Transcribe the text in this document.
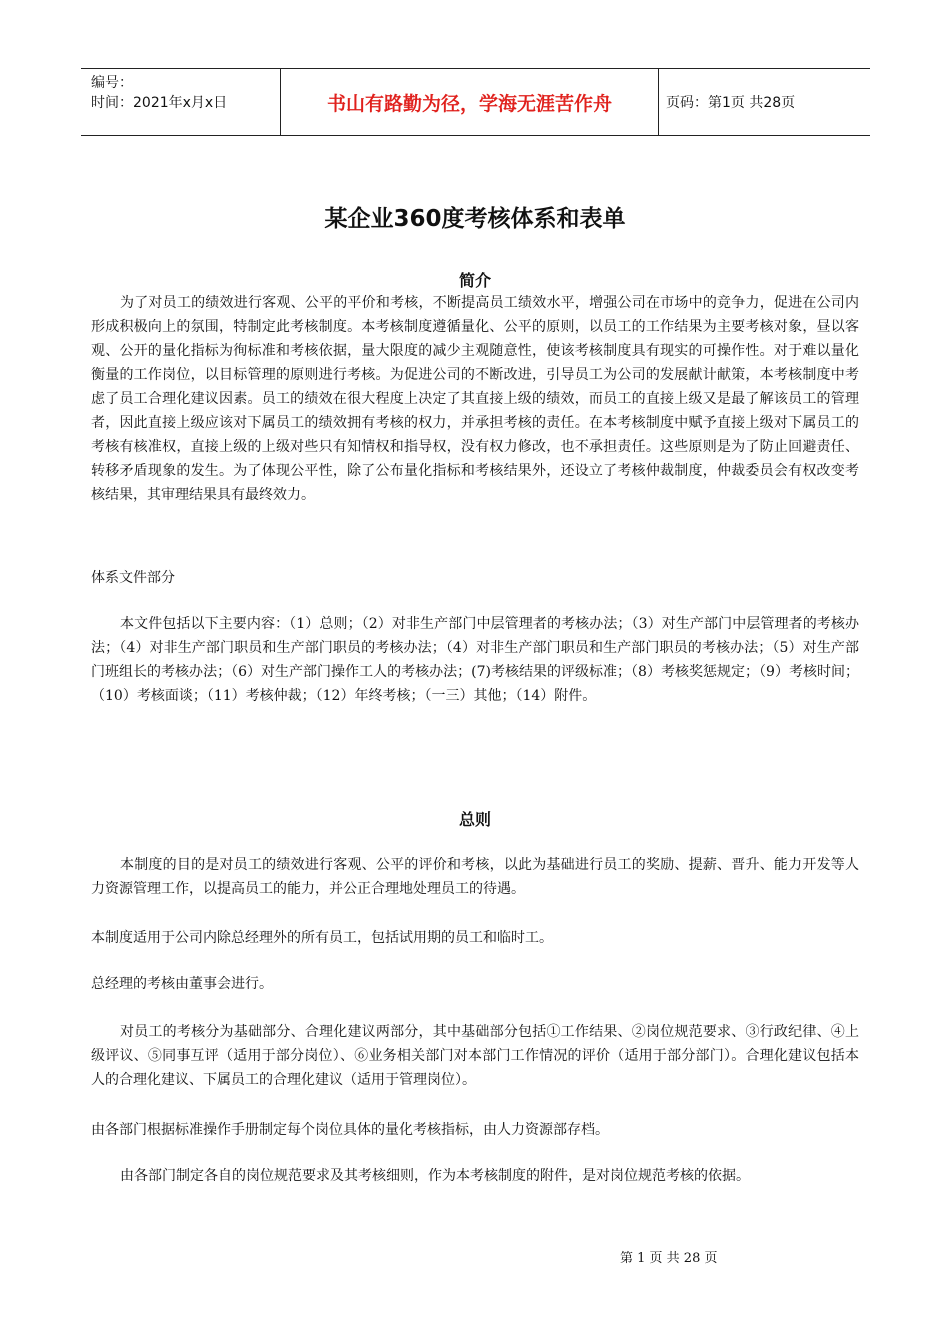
编号：
时间：2021年x月x日	书山有路勤为径，学海无涯苦作舟	页码：第1页 共28页
某企业360度考核体系和表单
简介

为了对员工的绩效进行客观、公平的平价和考核，不断提高员工绩效水平，增强公司在市场中的竞争力，促进在公司内形成积极向上的氛围，特制定此考核制度。本考核制度遵循量化、公平的原则，以员工的工作结果为主要考核对象，昼以客观、公开的量化指标为徇标准和考核依据，量大限度的减少主观随意性，使该考核制度具有现实的可操作性。对于难以量化衡量的工作岗位，以目标管理的原则进行考核。为促进公司的不断改进，引导员工为公司的发展献计献策，本考核制度中考虑了员工合理化建议因素。员工的绩效在很大程度上决定了其直接上级的绩效，而员工的直接上级又是最了解该员工的管理者，因此直接上级应该对下属员工的绩效拥有考核的权力，并承担考核的责任。在本考核制度中赋予直接上级对下属员工的考核有核准权，直接上级的上级对些只有知情权和指导权，没有权力修改，也不承担责任。这些原则是为了防止回避责任、转移矛盾现象的发生。为了体现公平性，除了公布量化指标和考核结果外，还设立了考核仲裁制度，仲裁委员会有权改变考核结果，其审理结果具有最终效力。

体系文件部分

本文件包括以下主要内容：（1）总则；（2）对非生产部门中层管理者的考核办法；（3）对生产部门中层管理者的考核办法；（4）对非生产部门职员和生产部门职员的考核办法；（4）对非生产部门职员和生产部门职员的考核办法；（5）对生产部门班组长的考核办法；（6）对生产部门操作工人的考核办法；(7)考核结果的评级标准；（8）考核奖惩规定；（9）考核时间；（10）考核面谈；（11）考核仲裁；（12）年终考核；（一三）其他；（14）附件。

总则

本制度的目的是对员工的绩效进行客观、公平的评价和考核，以此为基础进行员工的奖励、提薪、晋升、能力开发等人力资源管理工作，以提高员工的能力，并公正合理地处理员工的待遇。

本制度适用于公司内除总经理外的所有员工，包括试用期的员工和临时工。

总经理的考核由董事会进行。

对员工的考核分为基础部分、合理化建议两部分，其中基础部分包括①工作结果、②岗位规范要求、③行政纪律、④上级评议、⑤同事互评（适用于部分岗位）、⑥业务相关部门对本部门工作情况的评价（适用于部分部门）。合理化建议包括本人的合理化建议、下属员工的合理化建议（适用于管理岗位）。

由各部门根据标准操作手册制定每个岗位具体的量化考核指标，由人力资源部存档。

由各部门制定各自的岗位规范要求及其考核细则，作为本考核制度的附件，是对岗位规范考核的依据。

第 1 页 共 28 页
